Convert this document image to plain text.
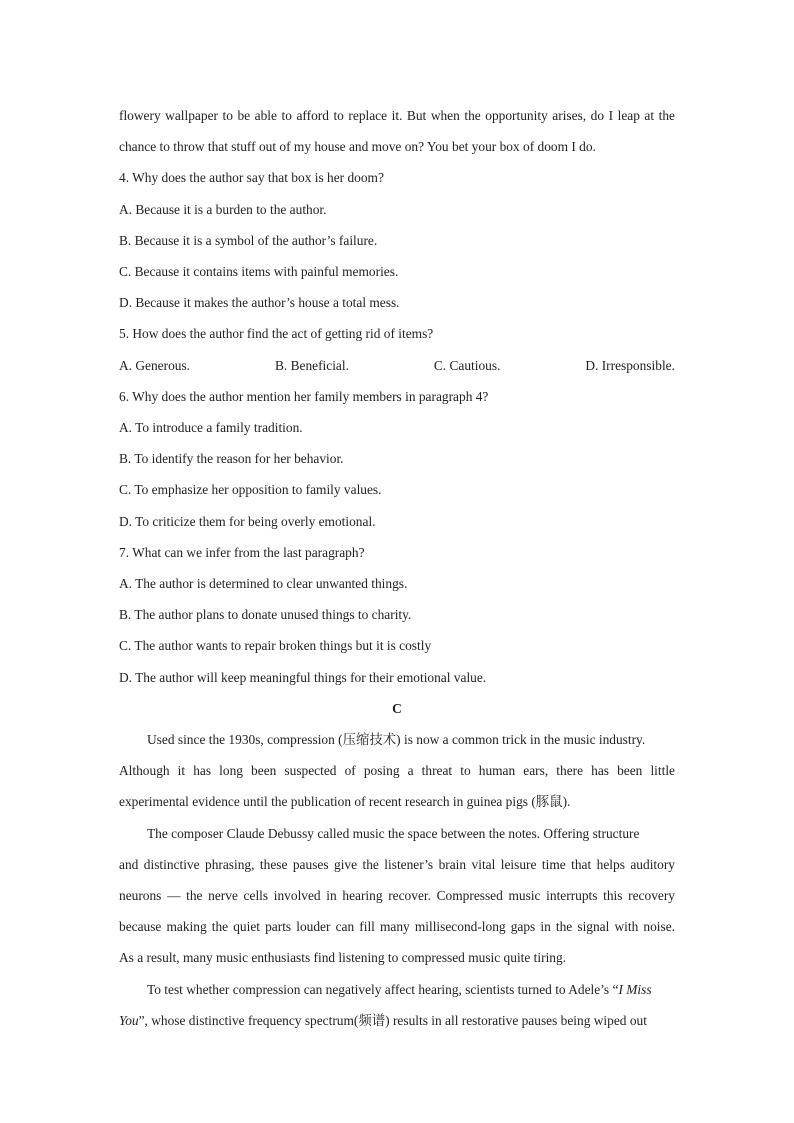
flowery wallpaper to be able to afford to replace it. But when the opportunity arises, do I leap at the
chance to throw that stuff out of my house and move on? You bet your box of doom I do.
4. Why does the author say that box is her doom?
A. Because it is a burden to the author.
B. Because it is a symbol of the author’s failure.
C. Because it contains items with painful memories.
D. Because it makes the author’s house a total mess.
5. How does the author find the act of getting rid of items?
A. Generous.	B. Beneficial.	C. Cautious.	D. Irresponsible.
6. Why does the author mention her family members in paragraph 4?
A. To introduce a family tradition.
B. To identify the reason for her behavior.
C. To emphasize her opposition to family values.
D. To criticize them for being overly emotional.
7. What can we infer from the last paragraph?
A. The author is determined to clear unwanted things.
B. The author plans to donate unused things to charity.
C. The author wants to repair broken things but it is costly
D. The author will keep meaningful things for their emotional value.
C
Used since the 1930s, compression (压缩技术) is now a common trick in the music industry.
Although it has long been suspected of posing a threat to human ears, there has been little
experimental evidence until the publication of recent research in guinea pigs (豚鼠).
The composer Claude Debussy called music the space between the notes. Offering structure
and distinctive phrasing, these pauses give the listener’s brain vital leisure time that helps auditory
neurons — the nerve cells involved in hearing recover. Compressed music interrupts this recovery
because making the quiet parts louder can fill many millisecond-long gaps in the signal with noise.
As a result, many music enthusiasts find listening to compressed music quite tiring.
To test whether compression can negatively affect hearing, scientists turned to Adele’s “I Miss
You”, whose distinctive frequency spectrum(频谱) results in all restorative pauses being wiped out
